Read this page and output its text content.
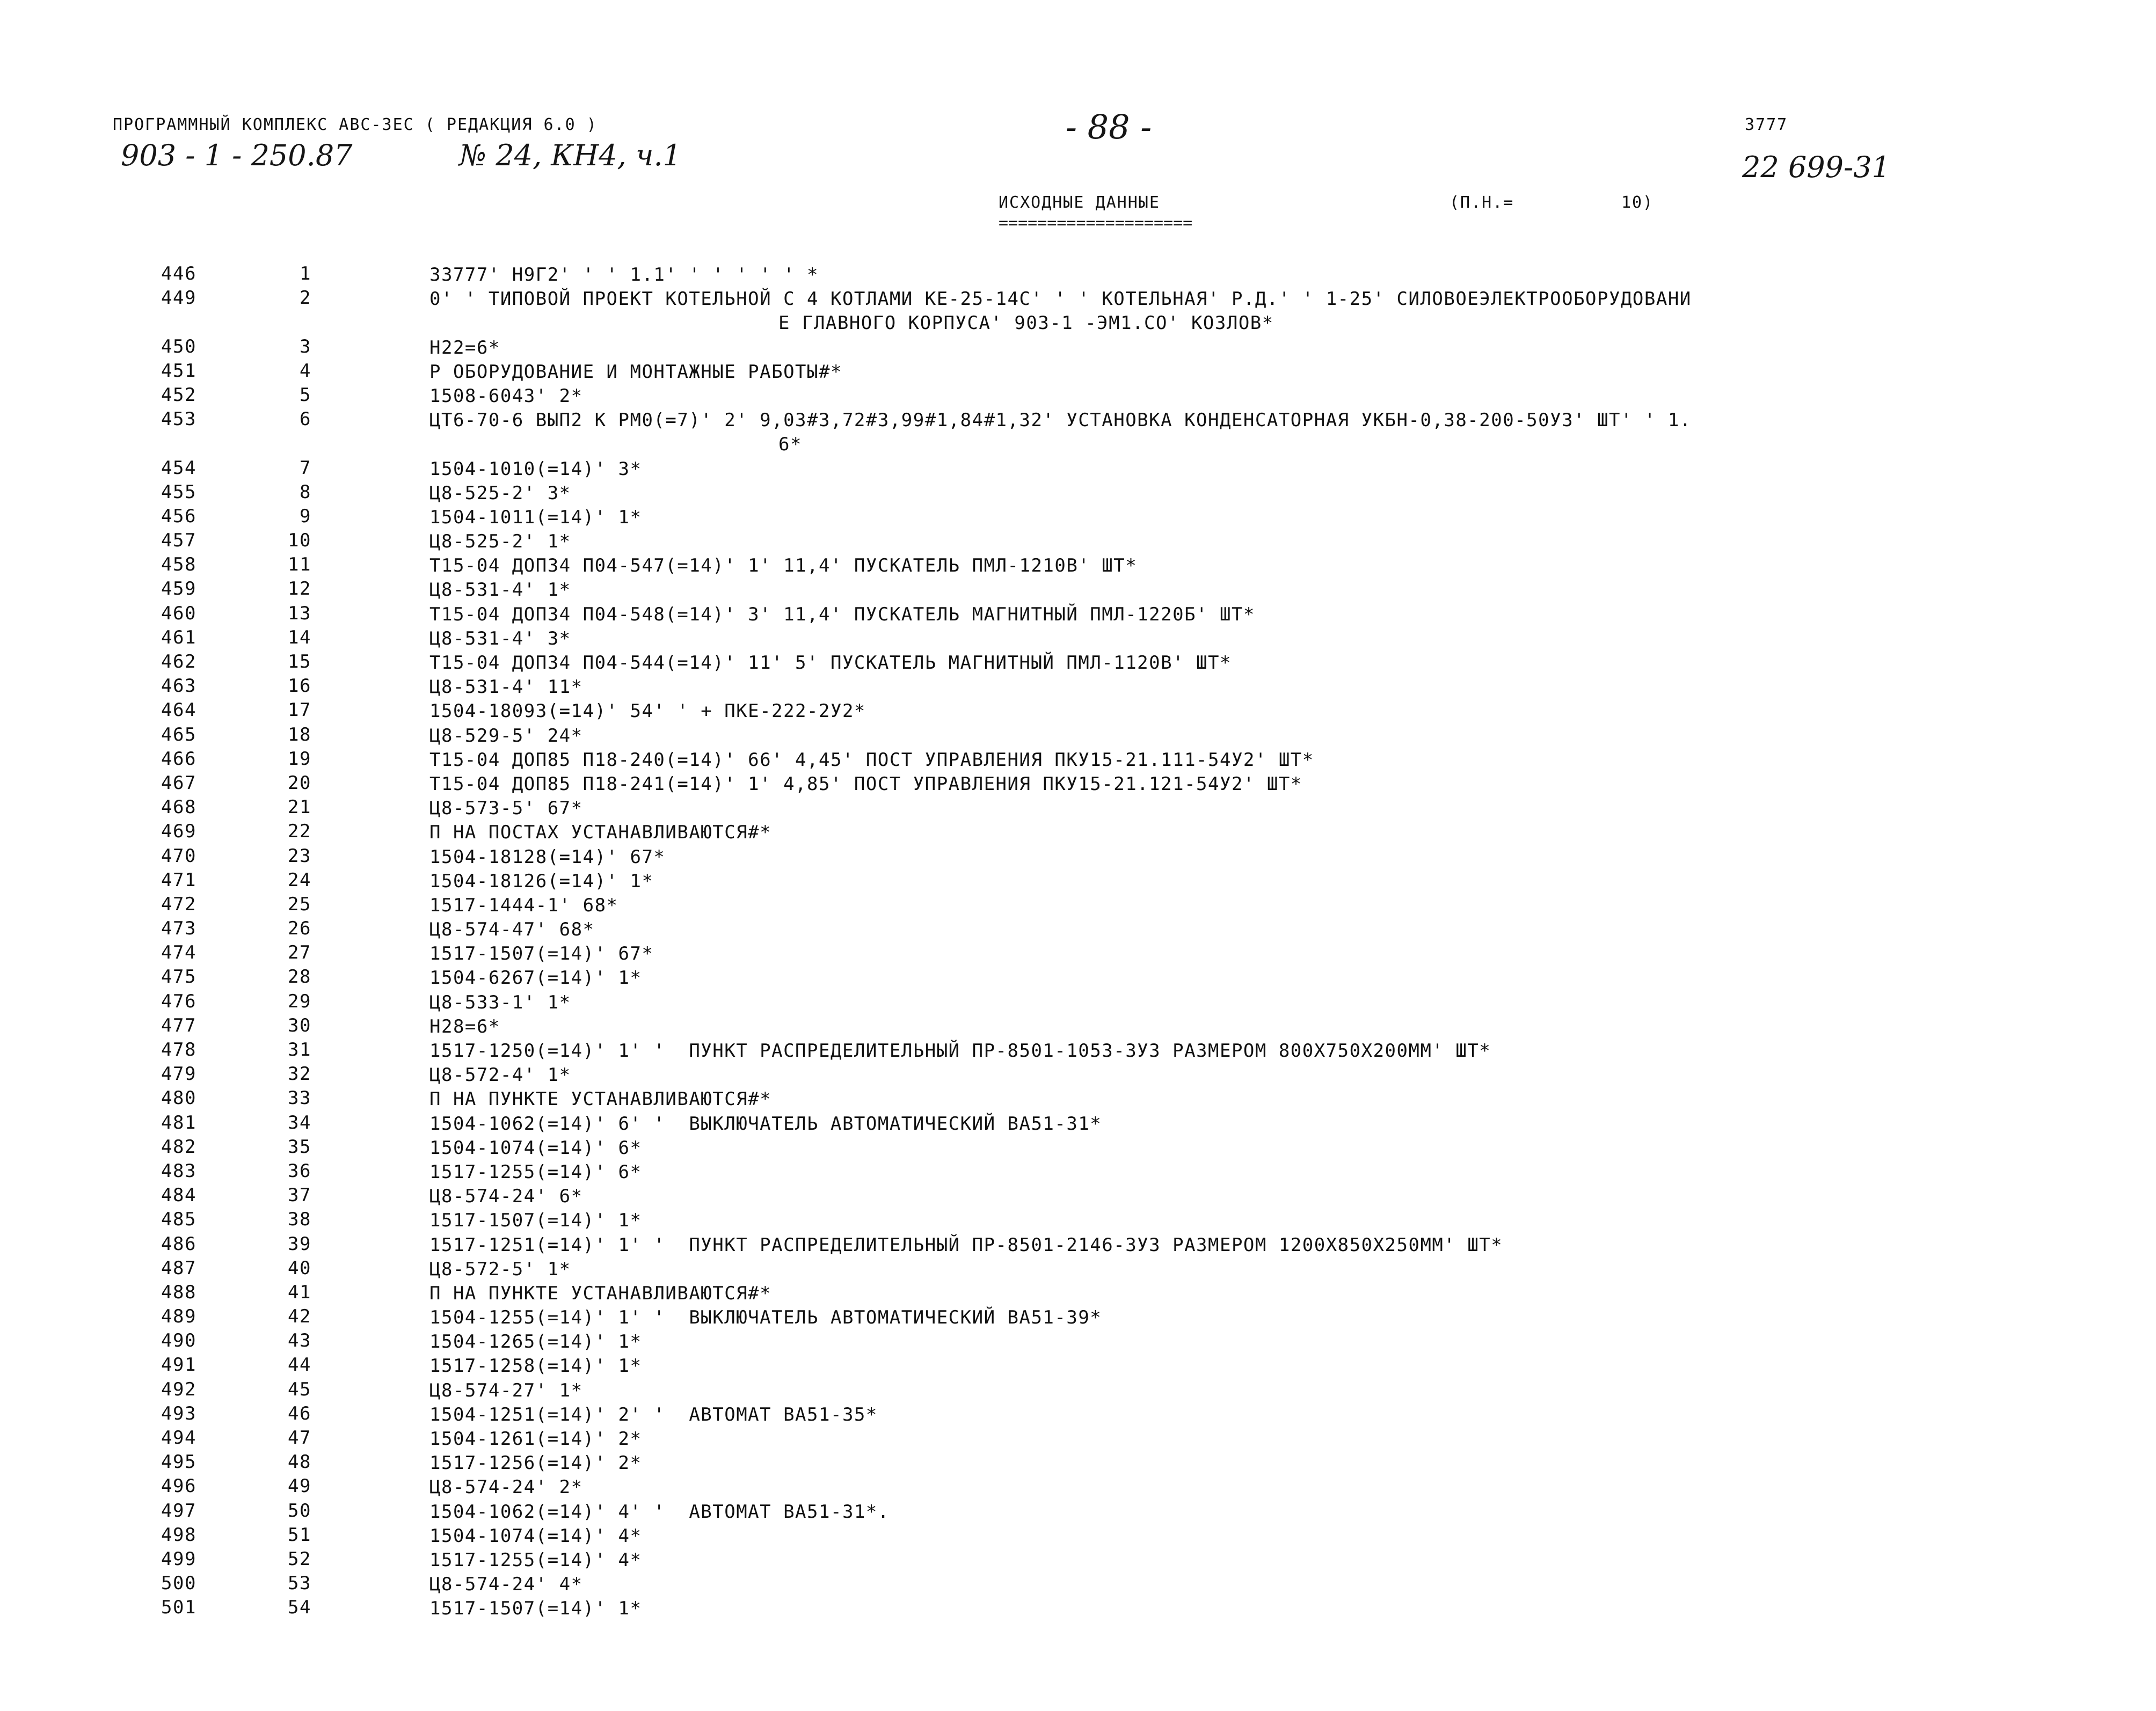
ПРОГРАММНЫЙ КОМПЛЕКС АВС-ЗЕС ( РЕДАКЦИЯ 6.0 )	- 88 -	3777
903 - 1 - 250.87	№ 24, КН4, ч.1	22 699-31
ИСХОДНЫЕ ДАННЫЕ
====================
(П.Н.=	10)
446	1	33777' Н9Г2' ' ' 1.1' ' ' ' ' ' *
449	2	0' ' ТИПОВОЙ ПРОЕКТ КОТЕЛЬНОЙ С 4 КОТЛАМИ КЕ-25-14С' ' ' КОТЕЛЬНАЯ' Р.Д.' ' 1-25' СИЛОВОЕЭЛЕКТРООБОРУДОВАНИ
Е ГЛАВНОГО КОРПУСА' 903-1 -ЭМ1.СО' КОЗЛОВ*
450	3	Н22=6*
451	4	Р ОБОРУДОВАНИЕ И МОНТАЖНЫЕ РАБОТЫ#*
452	5	1508-6043' 2*
453	6	ЦТ6-70-6 ВЫП2 К РМ0(=7)' 2' 9,03#3,72#3,99#1,84#1,32' УСТАНОВКА КОНДЕНСАТОРНАЯ УКБН-0,38-200-50У3' ШТ' ' 1.
6*
454	7	1504-1010(=14)' 3*
455	8	Ц8-525-2' 3*
456	9	1504-1011(=14)' 1*
457	10	Ц8-525-2' 1*
458	11	Т15-04 ДОП34 П04-547(=14)' 1' 11,4' ПУСКАТЕЛЬ ПМЛ-1210В' ШТ*
459	12	Ц8-531-4' 1*
460	13	Т15-04 ДОП34 П04-548(=14)' 3' 11,4' ПУСКАТЕЛЬ МАГНИТНЫЙ ПМЛ-1220Б' ШТ*
461	14	Ц8-531-4' 3*
462	15	Т15-04 ДОП34 П04-544(=14)' 11' 5' ПУСКАТЕЛЬ МАГНИТНЫЙ ПМЛ-1120В' ШТ*
463	16	Ц8-531-4' 11*
464	17	1504-18093(=14)' 54' ' + ПКЕ-222-2У2*
465	18	Ц8-529-5' 24*
466	19	Т15-04 ДОП85 П18-240(=14)' 66' 4,45' ПОСТ УПРАВЛЕНИЯ ПКУ15-21.111-54У2' ШТ*
467	20	Т15-04 ДОП85 П18-241(=14)' 1' 4,85' ПОСТ УПРАВЛЕНИЯ ПКУ15-21.121-54У2' ШТ*
468	21	Ц8-573-5' 67*
469	22	П НА ПОСТАХ УСТАНАВЛИВАЮТСЯ#*
470	23	1504-18128(=14)' 67*
471	24	1504-18126(=14)' 1*
472	25	1517-1444-1' 68*
473	26	Ц8-574-47' 68*
474	27	1517-1507(=14)' 67*
475	28	1504-6267(=14)' 1*
476	29	Ц8-533-1' 1*
477	30	Н28=6*
478	31	1517-1250(=14)' 1' '  ПУНКТ РАСПРЕДЕЛИТЕЛЬНЫЙ ПР-8501-1053-3У3 РАЗМЕРОМ 800Х750Х200ММ' ШТ*
479	32	Ц8-572-4' 1*
480	33	П НА ПУНКТЕ УСТАНАВЛИВАЮТСЯ#*
481	34	1504-1062(=14)' 6' '  ВЫКЛЮЧАТЕЛЬ АВТОМАТИЧЕСКИЙ ВА51-31*
482	35	1504-1074(=14)' 6*
483	36	1517-1255(=14)' 6*
484	37	Ц8-574-24' 6*
485	38	1517-1507(=14)' 1*
486	39	1517-1251(=14)' 1' '  ПУНКТ РАСПРЕДЕЛИТЕЛЬНЫЙ ПР-8501-2146-3У3 РАЗМЕРОМ 1200Х850Х250ММ' ШТ*
487	40	Ц8-572-5' 1*
488	41	П НА ПУНКТЕ УСТАНАВЛИВАЮТСЯ#*
489	42	1504-1255(=14)' 1' '  ВЫКЛЮЧАТЕЛЬ АВТОМАТИЧЕСКИЙ ВА51-39*
490	43	1504-1265(=14)' 1*
491	44	1517-1258(=14)' 1*
492	45	Ц8-574-27' 1*
493	46	1504-1251(=14)' 2' '  АВТОМАТ ВА51-35*
494	47	1504-1261(=14)' 2*
495	48	1517-1256(=14)' 2*
496	49	Ц8-574-24' 2*
497	50	1504-1062(=14)' 4' '  АВТОМАТ ВА51-31*.
498	51	1504-1074(=14)' 4*
499	52	1517-1255(=14)' 4*
500	53	Ц8-574-24' 4*
501	54	1517-1507(=14)' 1*
